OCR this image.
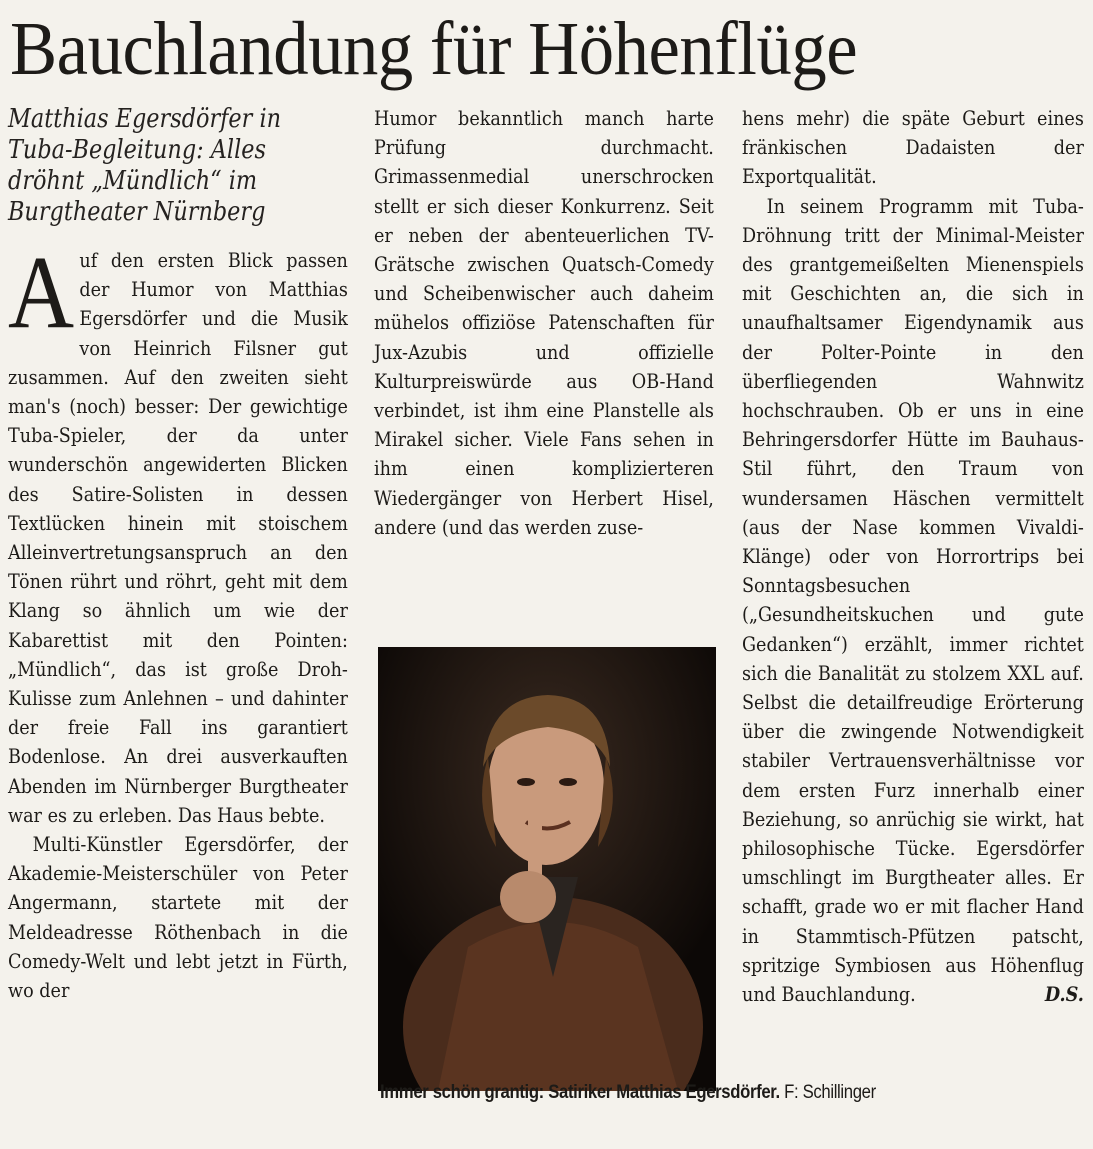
Bauchlandung für Höhenflüge

Matthias Egersdörfer in Tuba-Begleitung: Alles dröhnt „Mündlich“ im Burgtheater Nürnberg

Auf den ersten Blick passen der Humor von Matthias Egersdörfer und die Musik von Heinrich Filsner gut zusammen. Auf den zweiten sieht man's (noch) besser: Der gewichtige Tuba-Spieler, der da unter wunderschön angewiderten Blicken des Satire-Solisten in dessen Textlücken hinein mit stoischem Alleinvertretungsanspruch an den Tönen rührt und röhrt, geht mit dem Klang so ähnlich um wie der Kabarettist mit den Pointen: „Mündlich“, das ist große Droh-Kulisse zum Anlehnen – und dahinter der freie Fall ins garantiert Bodenlose. An drei ausverkauften Abenden im Nürnberger Burgtheater war es zu erleben. Das Haus bebte.

Multi-Künstler Egersdörfer, der Akademie-Meisterschüler von Peter Angermann, startete mit der Meldeadresse Röthenbach in die Comedy-Welt und lebt jetzt in Fürth, wo der

Humor bekanntlich manch harte Prüfung durchmacht. Grimassenmedial unerschrocken stellt er sich dieser Konkurrenz. Seit er neben der abenteuerlichen TV-Grätsche zwischen Quatsch-Comedy und Scheibenwischer auch daheim mühelos offiziöse Patenschaften für Jux-Azubis und offizielle Kulturpreiswürde aus OB-Hand verbindet, ist ihm eine Planstelle als Mirakel sicher. Viele Fans sehen in ihm einen komplizierteren Wiedergänger von Herbert Hisel, andere (und das werden zuse-

Immer schön grantig: Satiriker Matthias Egersdörfer. F: Schillinger

hens mehr) die späte Geburt eines fränkischen Dadaisten der Exportqualität.

In seinem Programm mit Tuba-Dröhnung tritt der Minimal-Meister des grantgemeißelten Mienenspiels mit Geschichten an, die sich in unaufhaltsamer Eigendynamik aus der Polter-Pointe in den überfliegenden Wahnwitz hochschrauben. Ob er uns in eine Behringersdorfer Hütte im Bauhaus-Stil führt, den Traum von wundersamen Häschen vermittelt (aus der Nase kommen Vivaldi-Klänge) oder von Horrortrips bei Sonntagsbesuchen („Gesundheitskuchen und gute Gedanken“) erzählt, immer richtet sich die Banalität zu stolzem XXL auf. Selbst die detailfreudige Erörterung über die zwingende Notwendigkeit stabiler Vertrauensverhältnisse vor dem ersten Furz innerhalb einer Beziehung, so anrüchig sie wirkt, hat philosophische Tücke. Egersdörfer umschlingt im Burgtheater alles. Er schafft, grade wo er mit flacher Hand in Stammtisch-Pfützen patscht, spritzige Symbiosen aus Höhenflug und Bauchlandung.	D.S.
